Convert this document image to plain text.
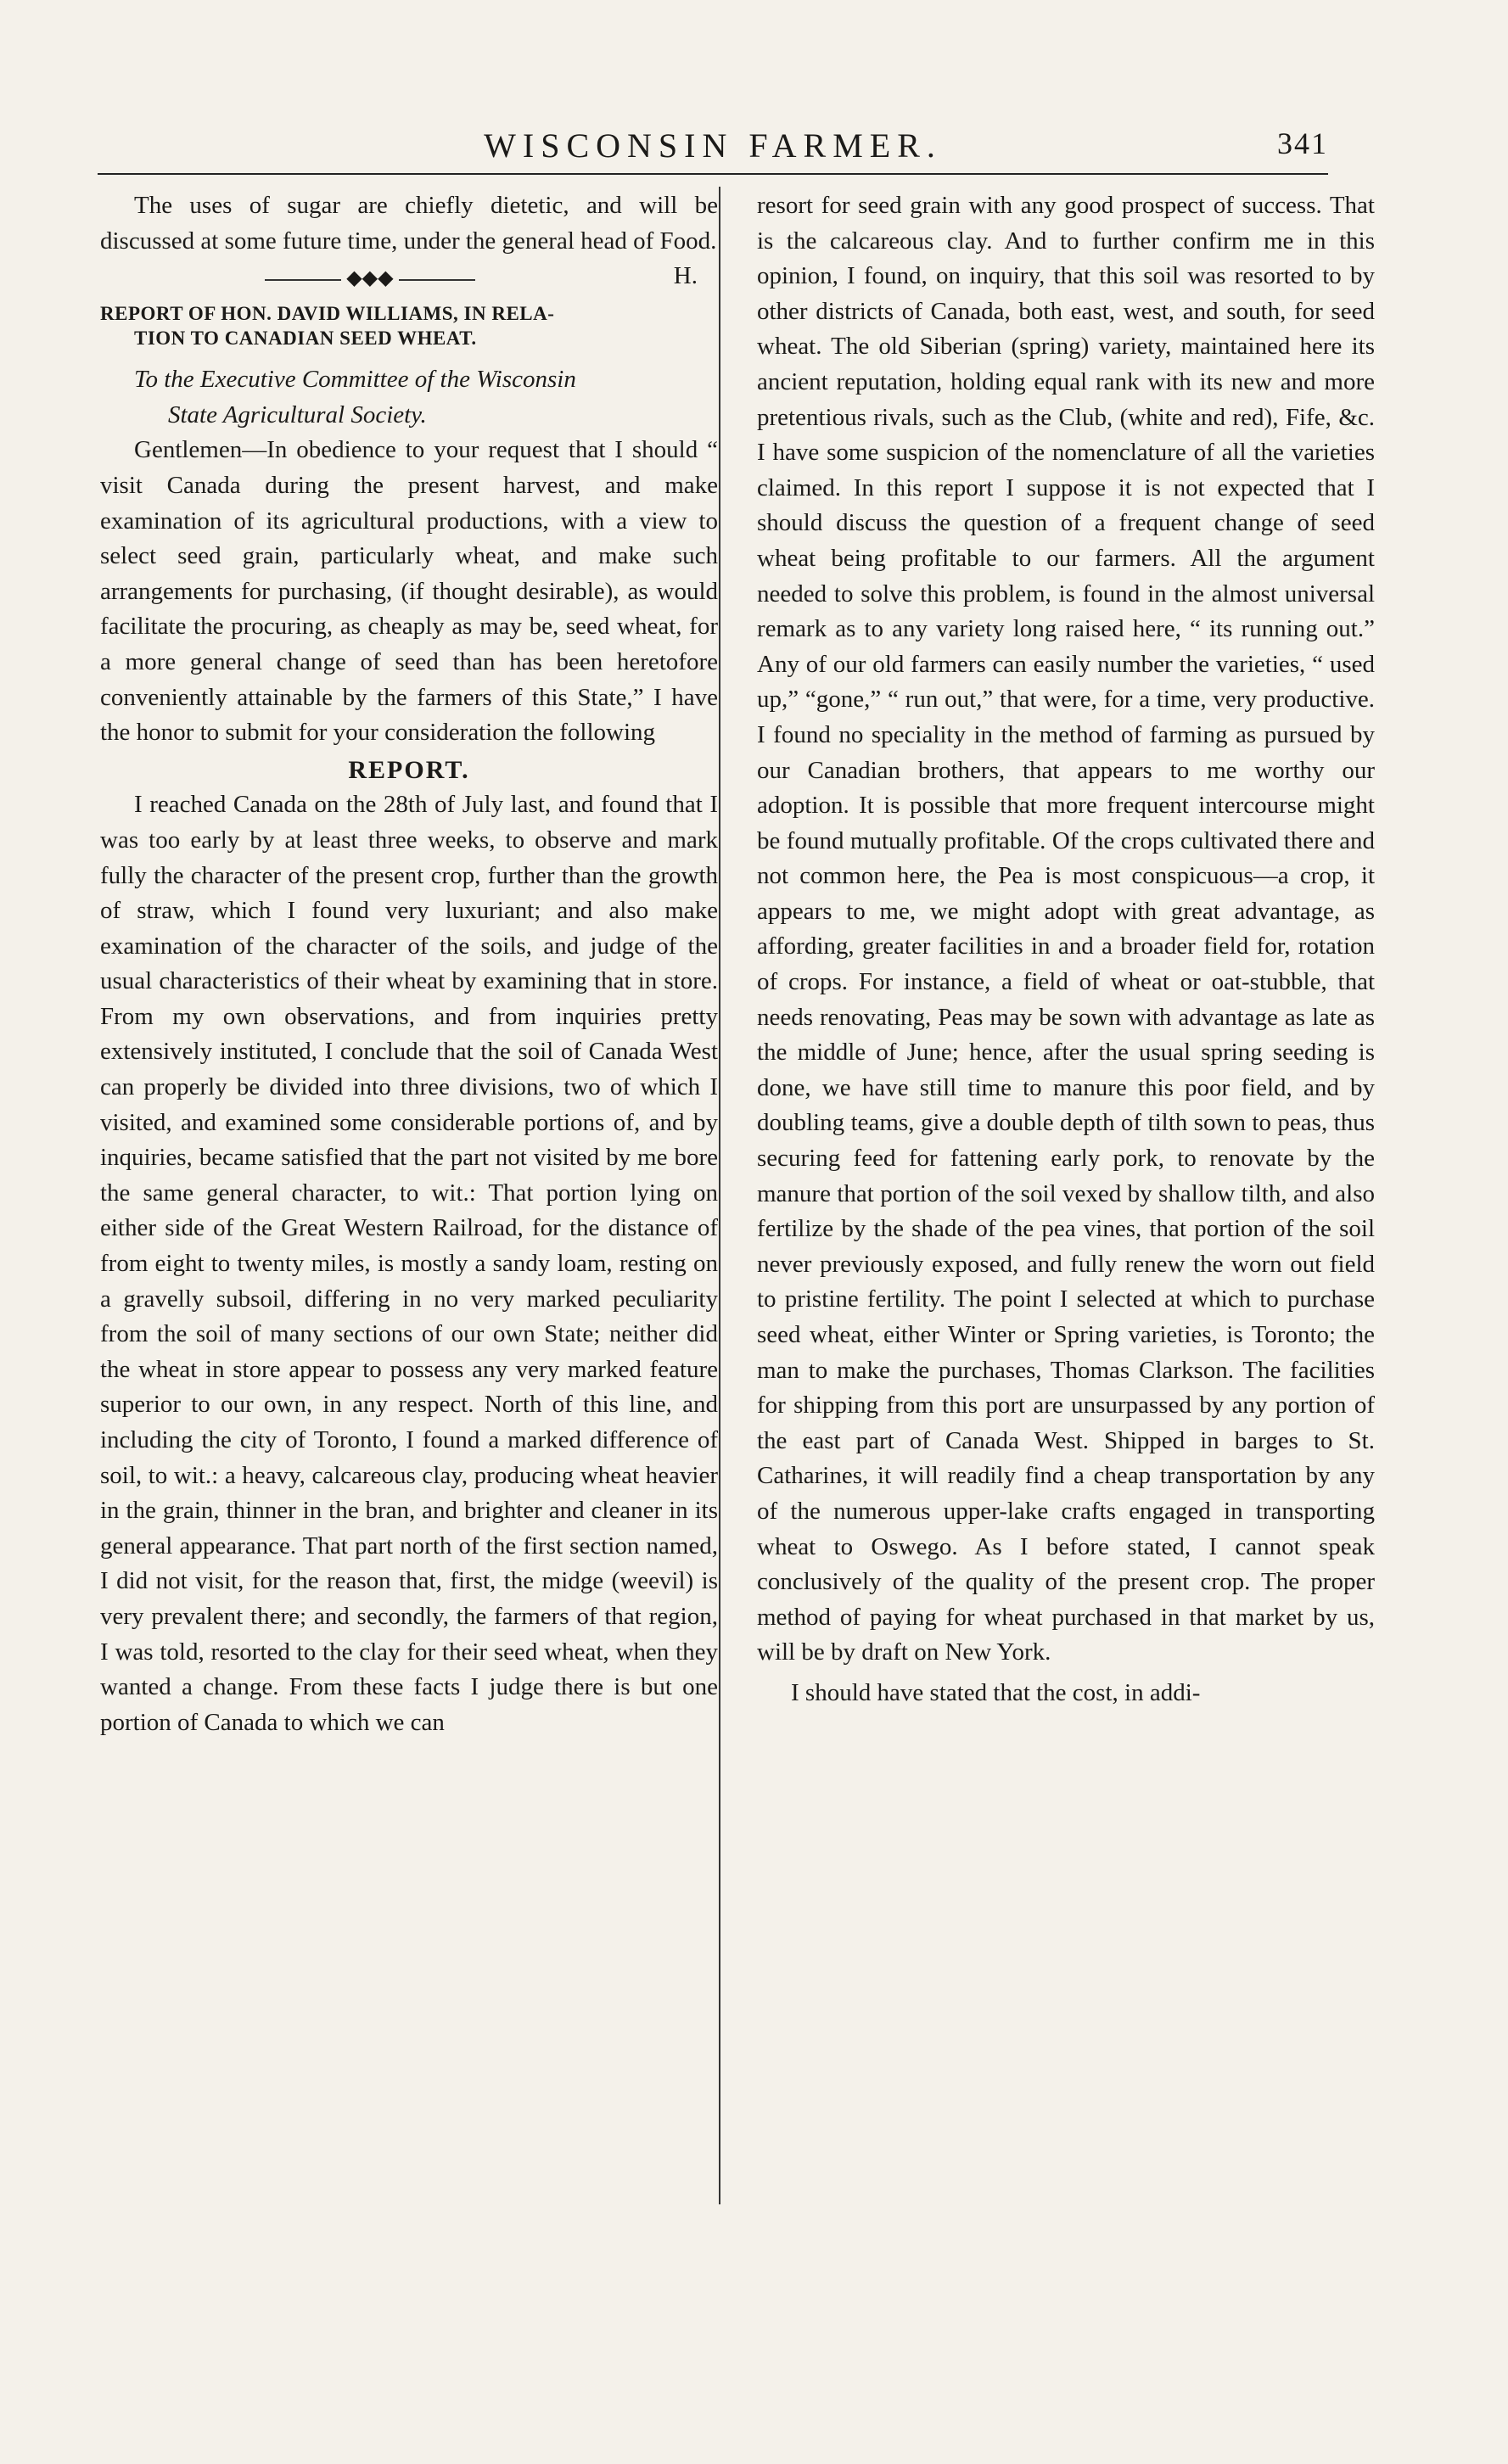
WISCONSIN FARMER.	341

The uses of sugar are chiefly dietetic, and will be discussed at some future time, under the general head of Food.
H.

◆◆◆
REPORT OF HON. DAVID WILLIAMS, IN RELA-
TION TO CANADIAN SEED WHEAT.

To the Executive Committee of the Wisconsin
State Agricultural Society.

Gentlemen—In obedience to your request that I should “ visit Canada during the present harvest, and make examination of its agricultural productions, with a view to select seed grain, particularly wheat, and make such arrangements for purchasing, (if thought desirable), as would facilitate the procuring, as cheaply as may be, seed wheat, for a more general change of seed than has been heretofore conveniently attainable by the farmers of this State,” I have the honor to submit for your consideration the following

REPORT.

I reached Canada on the 28th of July last, and found that I was too early by at least three weeks, to observe and mark fully the character of the present crop, further than the growth of straw, which I found very luxuriant; and also make examination of the character of the soils, and judge of the usual characteristics of their wheat by examining that in store. From my own observations, and from inquiries pretty extensively instituted, I conclude that the soil of Canada West can properly be divided into three divisions, two of which I visited, and examined some considerable portions of, and by inquiries, became satisfied that the part not visited by me bore the same general character, to wit.: That portion lying on either side of the Great Western Railroad, for the distance of from eight to twenty miles, is mostly a sandy loam, resting on a gravelly subsoil, differing in no very marked peculiarity from the soil of many sections of our own State; neither did the wheat in store appear to possess any very marked feature superior to our own, in any respect. North of this line, and including the city of Toronto, I found a marked difference of soil, to wit.: a heavy, calcareous clay, producing wheat heavier in the grain, thinner in the bran, and brighter and cleaner in its general appearance. That part north of the first section named, I did not visit, for the reason that, first, the midge (weevil) is very prevalent there; and secondly, the farmers of that region, I was told, resorted to the clay for their seed wheat, when they wanted a change. From these facts I judge there is but one portion of Canada to which we can

resort for seed grain with any good prospect of success. That is the calcareous clay. And to further confirm me in this opinion, I found, on inquiry, that this soil was resorted to by other districts of Canada, both east, west, and south, for seed wheat. The old Siberian (spring) variety, maintained here its ancient reputation, holding equal rank with its new and more pretentious rivals, such as the Club, (white and red), Fife, &c. I have some suspicion of the nomenclature of all the varieties claimed. In this report I suppose it is not expected that I should discuss the question of a frequent change of seed wheat being profitable to our farmers. All the argument needed to solve this problem, is found in the almost universal remark as to any variety long raised here, “ its running out.” Any of our old farmers can easily number the varieties, “ used up,” “gone,” “ run out,” that were, for a time, very productive. I found no speciality in the method of farming as pursued by our Canadian brothers, that appears to me worthy our adoption. It is possible that more frequent intercourse might be found mutually profitable. Of the crops cultivated there and not common here, the Pea is most conspicuous—a crop, it appears to me, we might adopt with great advantage, as affording, greater facilities in and a broader field for, rotation of crops. For instance, a field of wheat or oat-stubble, that needs renovating, Peas may be sown with advantage as late as the middle of June; hence, after the usual spring seeding is done, we have still time to manure this poor field, and by doubling teams, give a double depth of tilth sown to peas, thus securing feed for fattening early pork, to renovate by the manure that portion of the soil vexed by shallow tilth, and also fertilize by the shade of the pea vines, that portion of the soil never previously exposed, and fully renew the worn out field to pristine fertility. The point I selected at which to purchase seed wheat, either Winter or Spring varieties, is Toronto; the man to make the purchases, Thomas Clarkson. The facilities for shipping from this port are unsurpassed by any portion of the east part of Canada West. Shipped in barges to St. Catharines, it will readily find a cheap transportation by any of the numerous upper-lake crafts engaged in transporting wheat to Oswego. As I before stated, I cannot speak conclusively of the quality of the present crop. The proper method of paying for wheat purchased in that market by us, will be by draft on New York.

I should have stated that the cost, in addi-
